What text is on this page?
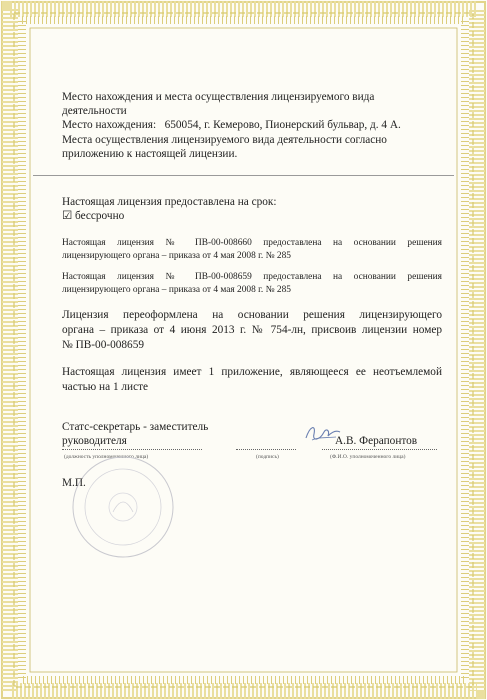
Место нахождения и места осуществления лицензируемого вида
деятельности
Место нахождения: 650054, г. Кемерово, Пионерский бульвар, д. 4 А.
Места осуществления лицензируемого вида деятельности согласно
приложению к настоящей лицензии.
Настоящая лицензия предоставлена на срок:
☑ бессрочно
Настоящая лицензия № ПВ-00-008660 предоставлена на основании решения
лицензирующего органа – приказа от 4 мая 2008 г. № 285
Настоящая лицензия № ПВ-00-008659 предоставлена на основании решения
лицензирующего органа – приказа от 4 мая 2008 г. № 285
Лицензия переоформлена на основании решения лицензирующего
органа – приказа от 4 июня 2013 г. № 754-лн, присвоив лицензии номер
№ ПВ-00-008659
Настоящая лицензия имеет 1 приложение, являющееся ее неотъемлемой
частью на 1 листе
Статс-секретарь - заместитель
руководителя	А.В. Ферапонтов
(должность уполномоченного лица)	(подпись)	(Ф.И.О. уполномоченного лица)
М.П.
